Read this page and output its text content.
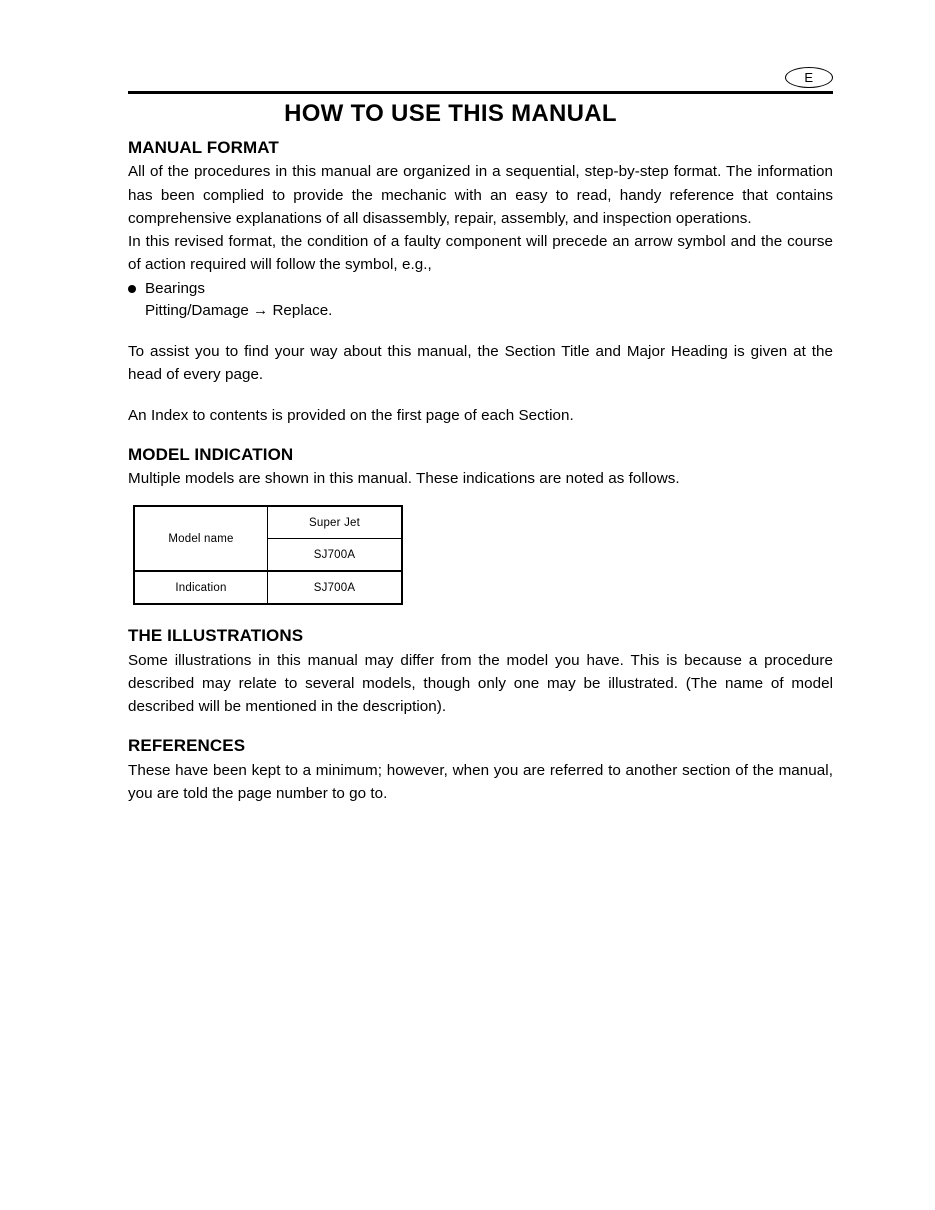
E
HOW TO USE THIS MANUAL
MANUAL FORMAT

All of the procedures in this manual are organized in a sequential, step-by-step format. The information has been complied to provide the mechanic with an easy to read, handy reference that contains comprehensive explanations of all disassembly, repair, assembly, and inspection operations.

In this revised format, the condition of a faulty component will precede an arrow symbol and the course of action required will follow the symbol, e.g.,

Bearings
Pitting/Damage → Replace.

To assist you to find your way about this manual, the Section Title and Major Heading is given at the head of every page.

An Index to contents is provided on the first page of each Section.

MODEL INDICATION

Multiple models are shown in this manual. These indications are noted as follows.

Model name	Super Jet
	SJ700A
Indication	SJ700A
THE ILLUSTRATIONS

Some illustrations in this manual may differ from the model you have. This is because a procedure described may relate to several models, though only one may be illustrated. (The name of model described will be mentioned in the description).

REFERENCES

These have been kept to a minimum; however, when you are referred to another section of the manual, you are told the page number to go to.
